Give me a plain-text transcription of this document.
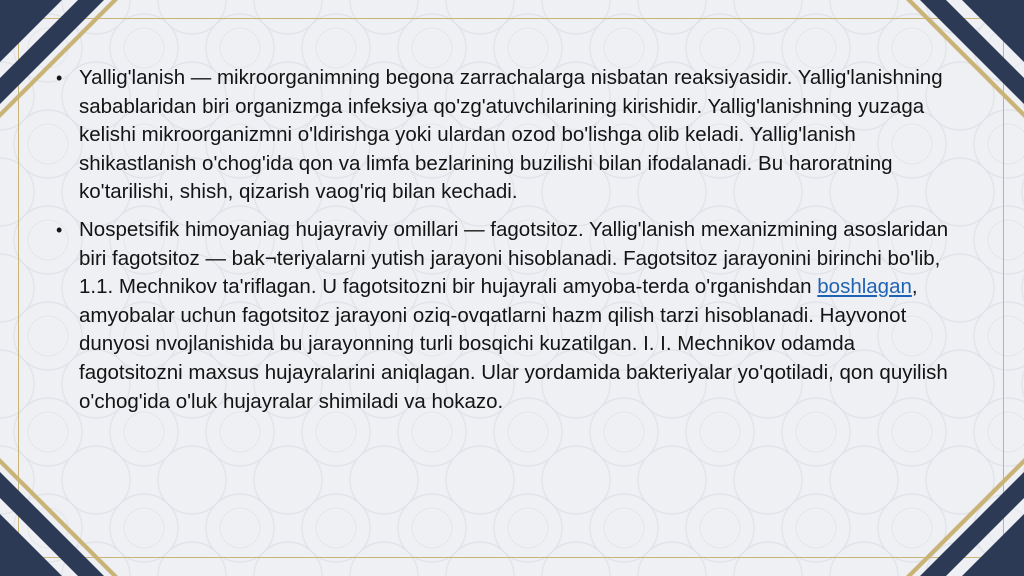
• Yallig'lanish — mikroorganimning begona zarrachalarga nisbatan reaksiyasidir. Yallig'lanishning sabablaridan biri organizmga infeksiya qo'zg'atuvchilarining kirishidir. Yallig'lanishning yuzaga kelishi mikroorganizmni o'ldirishga yoki ulardan ozod bo'lishga olib keladi. Yallig'lanish shikastlanish o'chog'ida qon va limfa bezlarining buzilishi bilan ifodalanadi. Bu haroratning ko'tarilishi, shish, qizarish vaog'riq bilan kechadi.

• Nospetsifik himoyaniag hujayraviy omillari — fagotsitoz. Yallig'lanish mexanizmining asoslaridan biri fagotsitoz — bak¬teriyalarni yutish jarayoni hisoblanadi. Fagotsitoz jarayonini birinchi bo'lib, 1.1. Mechnikov ta'riflagan. U fagotsitozni bir hujayrali amyoba-terda o'rganishdan boshlagan, amyobalar uchun fagotsitoz jarayoni oziq-ovqatlarni hazm qilish tarzi hisoblanadi. Hayvonot dunyosi nvojlanishida bu jarayonning turli bosqichi kuzatilgan. I. I. Mechnikov odamda fagotsitozni maxsus hujayralarini aniqlagan. Ular yordamida bakteriyalar yo'qotiladi, qon quyilish o'chog'ida o'luk hujayralar shimiladi va hokazo.
